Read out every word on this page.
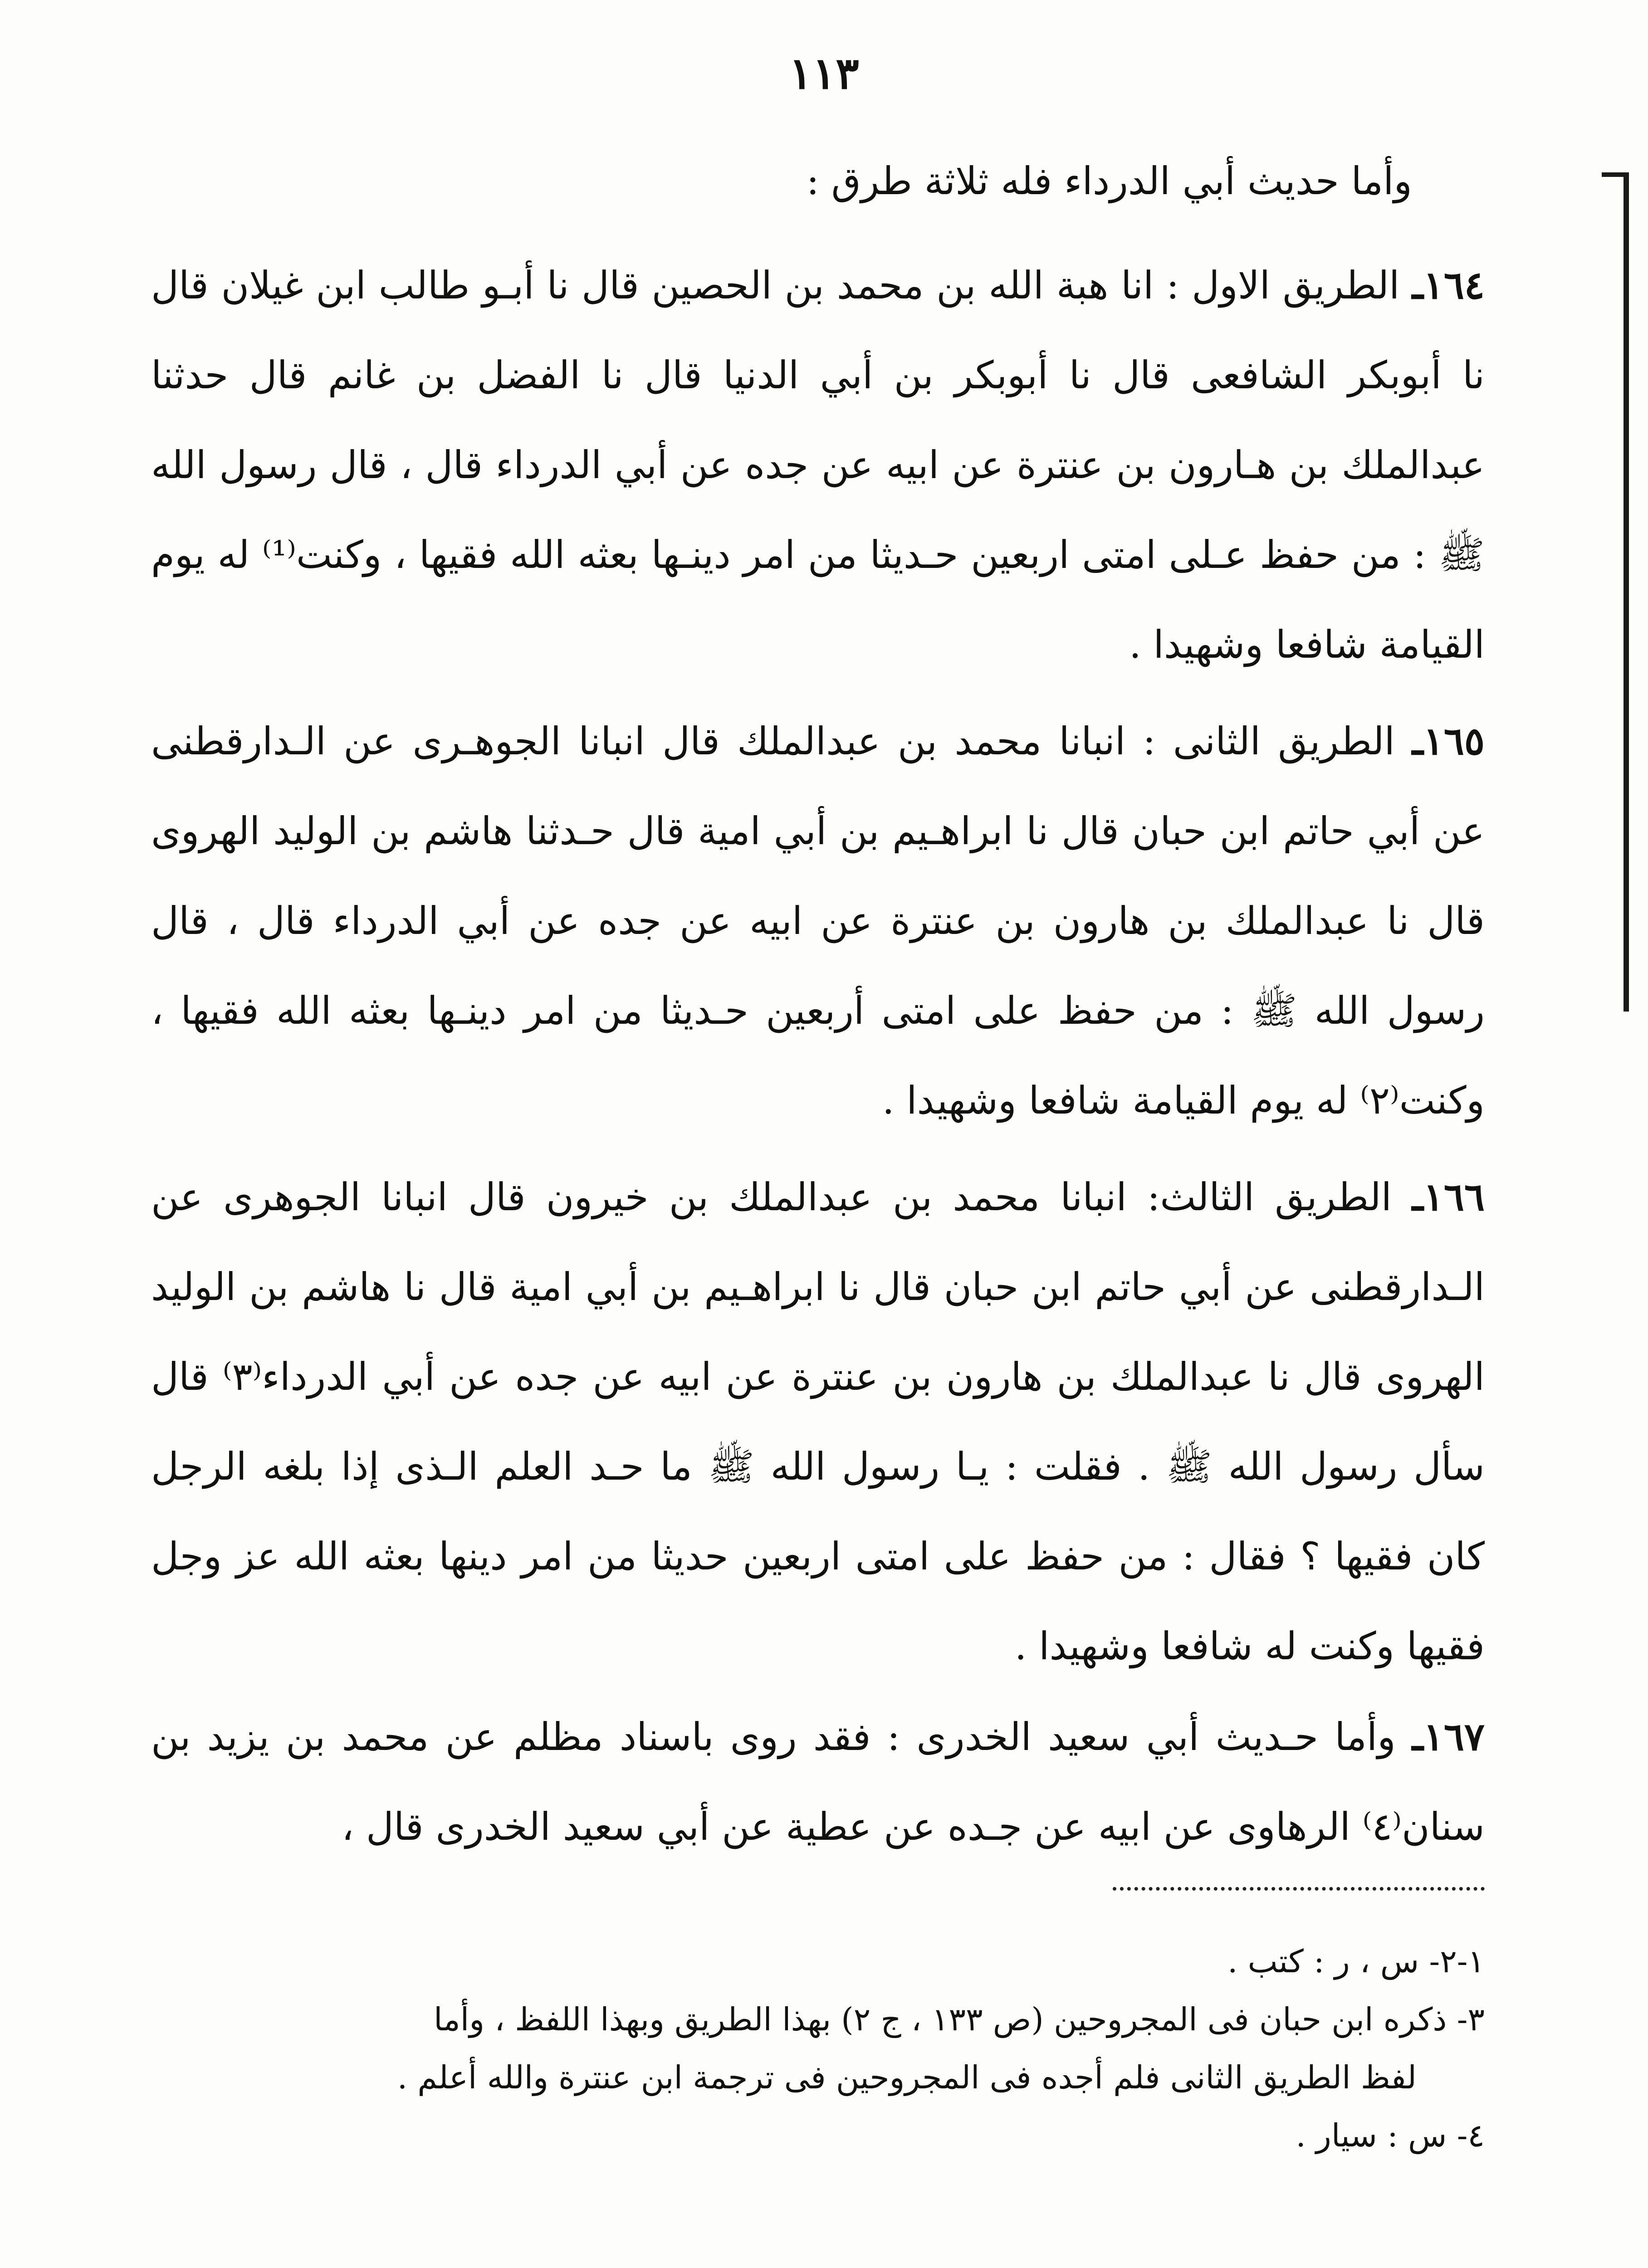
١١٣
وأما حديث أبي الدرداء فله ثلاثة طرق :
١٦٤ـ الطريق الاول : انا هبة الله بن محمد بن الحصين قال نا أبـو طالب ابن غيلان قال نا أبوبكر الشافعى قال نا أبوبكر بن أبي الدنيا قال نا الفضل بن غانم قال حدثنا عبدالملك بن هـارون بن عنترة عن ابيه عن جده عن أبي الدرداء قال ، قال رسول الله ﷺ : من حفظ عـلى امتى اربعين حـديثا من امر دينـها بعثه الله فقيها ، وكنت⁽¹⁾ له يوم القيامة شافعا وشهيدا .
١٦٥ـ الطريق الثانى : انبانا محمد بن عبدالملك قال انبانا الجوهـرى عن الـدارقطنى عن أبي حاتم ابن حبان قال نا ابراهـيم بن أبي امية قال حـدثنا هاشم بن الوليد الهروى قال نا عبدالملك بن هارون بن عنترة عن ابيه عن جده عن أبي الدرداء قال ، قال رسول الله ﷺ : من حفظ على امتى أربعين حـديثا من امر دينـها بعثه الله فقيها ، وكنت⁽٢⁾ له يوم القيامة شافعا وشهيدا .
١٦٦ـ الطريق الثالث: انبانا محمد بن عبدالملك بن خيرون قال انبانا الجوهرى عن الـدارقطنى عن أبي حاتم ابن حبان قال نا ابراهـيم بن أبي امية قال نا هاشم بن الوليد الهروى قال نا عبدالملك بن هارون بن عنترة عن ابيه عن جده عن أبي الدرداء⁽٣⁾ قال سأل رسول الله ﷺ . فقلت : يـا رسول الله ﷺ ما حـد العلم الـذى إذا بلغه الرجل كان فقيها ؟ فقال : من حفظ على امتى اربعين حديثا من امر دينها بعثه الله عز وجل فقيها وكنت له شافعا وشهيدا .
١٦٧ـ وأما حـديث أبي سعيد الخدرى : فقد روى باسناد مظلم عن محمد بن يزيد بن سنان⁽٤⁾ الرهاوى عن ابيه عن جـده عن عطية عن أبي سعيد الخدرى قال ،
١-٢- س ، ر : كتب .
٣- ذكره ابن حبان فى المجروحين (ص ١٣٣ ، ج ٢) بهذا الطريق وبهذا اللفظ ، وأما
لفظ الطريق الثانى فلم أجده فى المجروحين فى ترجمة ابن عنترة والله أعلم .
٤- س : سيار .
